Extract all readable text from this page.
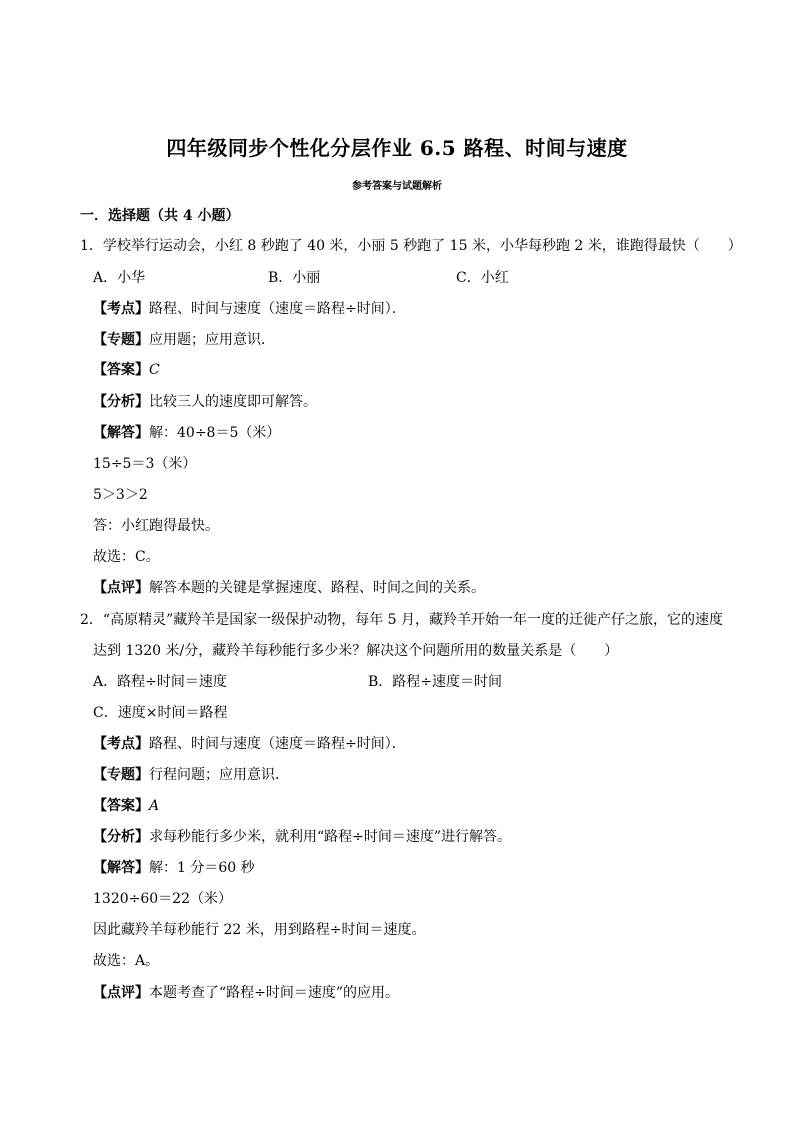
四年级同步个性化分层作业 6.5 路程、时间与速度
参考答案与试题解析
一．选择题（共 4 小题）
1．学校举行运动会，小红 8 秒跑了 40 米，小丽 5 秒跑了 15 米，小华每秒跑 2 米，谁跑得最快（　　）
A．小华	B．小丽	C．小红
【考点】路程、时间与速度（速度＝路程÷时间）．
【专题】应用题；应用意识．
【答案】C
【分析】比较三人的速度即可解答。
【解答】解：40÷8＝5（米）
15÷5＝3（米）
5＞3＞2
答：小红跑得最快。
故选：C。
【点评】解答本题的关键是掌握速度、路程、时间之间的关系。
2．“高原精灵”藏羚羊是国家一级保护动物，每年 5 月，藏羚羊开始一年一度的迁徙产仔之旅，它的速度
达到 1320 米/分，藏羚羊每秒能行多少米？解决这个问题所用的数量关系是（　　）
A．路程÷时间＝速度	B．路程÷速度＝时间
C．速度×时间＝路程
【考点】路程、时间与速度（速度＝路程÷时间）．
【专题】行程问题；应用意识．
【答案】A
【分析】求每秒能行多少米，就利用“路程÷时间＝速度”进行解答。
【解答】解：1 分＝60 秒
1320÷60＝22（米）
因此藏羚羊每秒能行 22 米，用到路程÷时间＝速度。
故选：A。
【点评】本题考查了“路程÷时间＝速度”的应用。
